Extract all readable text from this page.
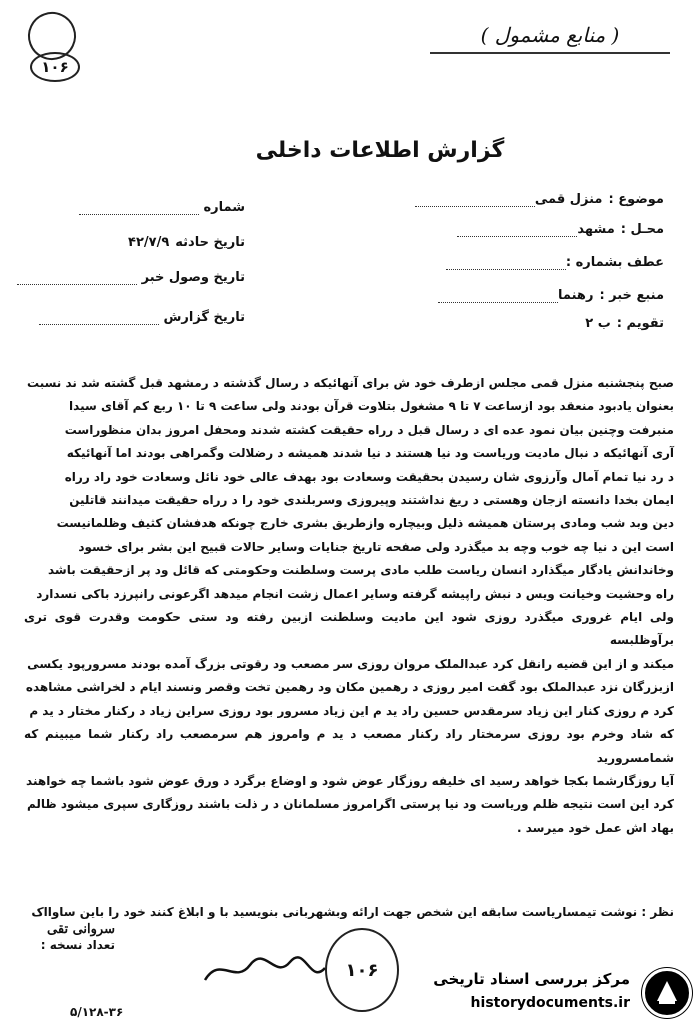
۱۰۶
( منابع مشمول )
گزارش اطلاعات داخلی
موضوع :منزل قمی
محـل :مشهد
عطف بشماره :
منبع خبر :رهنما
تقویم :ب ۲
شماره
تاریخ حادثه۴۲/۷/۹
تاریخ وصول خبر
تاریخ گزارش

صبح پنجشنبه منزل قمی مجلس ازطرف خود ش برای آنهائیکه د رسال گذشته د رمشهد قبل گشته شد ند نسبت

بعنوان یادبود منعقد بود ازساعت ۷ تا ۹ مشغول بتلاوت قرآن بودند ولی ساعت ۹ تا ۱۰ ربع کم آقای سیدا

منبرفت وچنین بیان نمود عده ای د رسال قبل د رراه حقیقت کشته شدند ومحفل امروز بدان منظوراست

آری آنهائیکه د نبال مادیت وریاست ود نیا هستند د نیا شدند همیشه د رضلالت وگمراهی بودند اما آنهائیکه

د رد نیا تمام آمال وآرزوی شان رسیدن بحقیقت وسعادت بود بهدف عالی خود نائل وسعادت خود راد رراه

ایمان بخدا دانسته ازجان وهستی د ریغ نداشتند وپیروزی وسربلندی خود را د رراه حقیقت میدانند قاتلین

دین وبد شب ومادی پرستان همیشه ذلیل وبیچاره وازطریق بشری خارج چونکه هدفشان کثیف وظلمانیست

است این د نیا چه خوب وچه بد میگذرد ولی صفحه تاریخ جنایات وسایر حالات قبیح این بشر برای خسود

وخاندانش یادگار میگذارد انسان ریاست طلب مادی پرست وسلطنت وحکومتی که قائل ود پر ازحقیقت باشد

راه وحشیت وخیانت ویس د نبش راپیشه گرفته وسایر اعمال زشت انجام میدهد اگرعونی رانپرزد باکی نسدارد

ولی ایام غروری میگذرد روزی شود این مادیت وسلطنت ازبین رفته ود ستی حکومت وقدرت قوی تری برآوظلبسه

میکند و از این قضیه رانقل کرد عبدالملک مروان روزی سر مصعب ود رقوتی بزرگ آمده بودند مسرورپود یکسی

ازبزرگان نزد عبدالملک بود گفت امیر روزی د رهمین مکان ود رهمین تخت وقصر ونسند ایام د لخراشی مشاهده

کرد م روزی کنار این زیاد سرمقدس حسین راد ید م این زیاد مسرور بود روزی سراین زیاد د رکنار مختار د ید م

که شاد وخرم بود روزی سرمختار راد رکنار مصعب د ید م وامروز هم سرمصعب راد رکنار شما میبینم که شمامسرورید

آیا روزگارشما بکجا خواهد رسید ای خلیفه روزگار عوض شود و اوضاع برگرد د ورق عوض شود باشما چه خواهند

کرد این است نتیجه ظلم وریاست ود نیا پرستی اگرامروز مسلمانان د ر ذلت باشند روزگاری سپری میشود ظالم

بهاد اش عمل خود میرسد .

نظر : نوشت تیمساریاست سابقه این شخص جهت ارائه وبشهربانی بنویسید با و ابلاغ کنند خود را باین ساوااک
سروانی تقی
تعداد نسخه :
۱۰۶
۵/۱۲۸-۳۶
مرکز بررسی اسناد تاریخی
historydocuments.ir
